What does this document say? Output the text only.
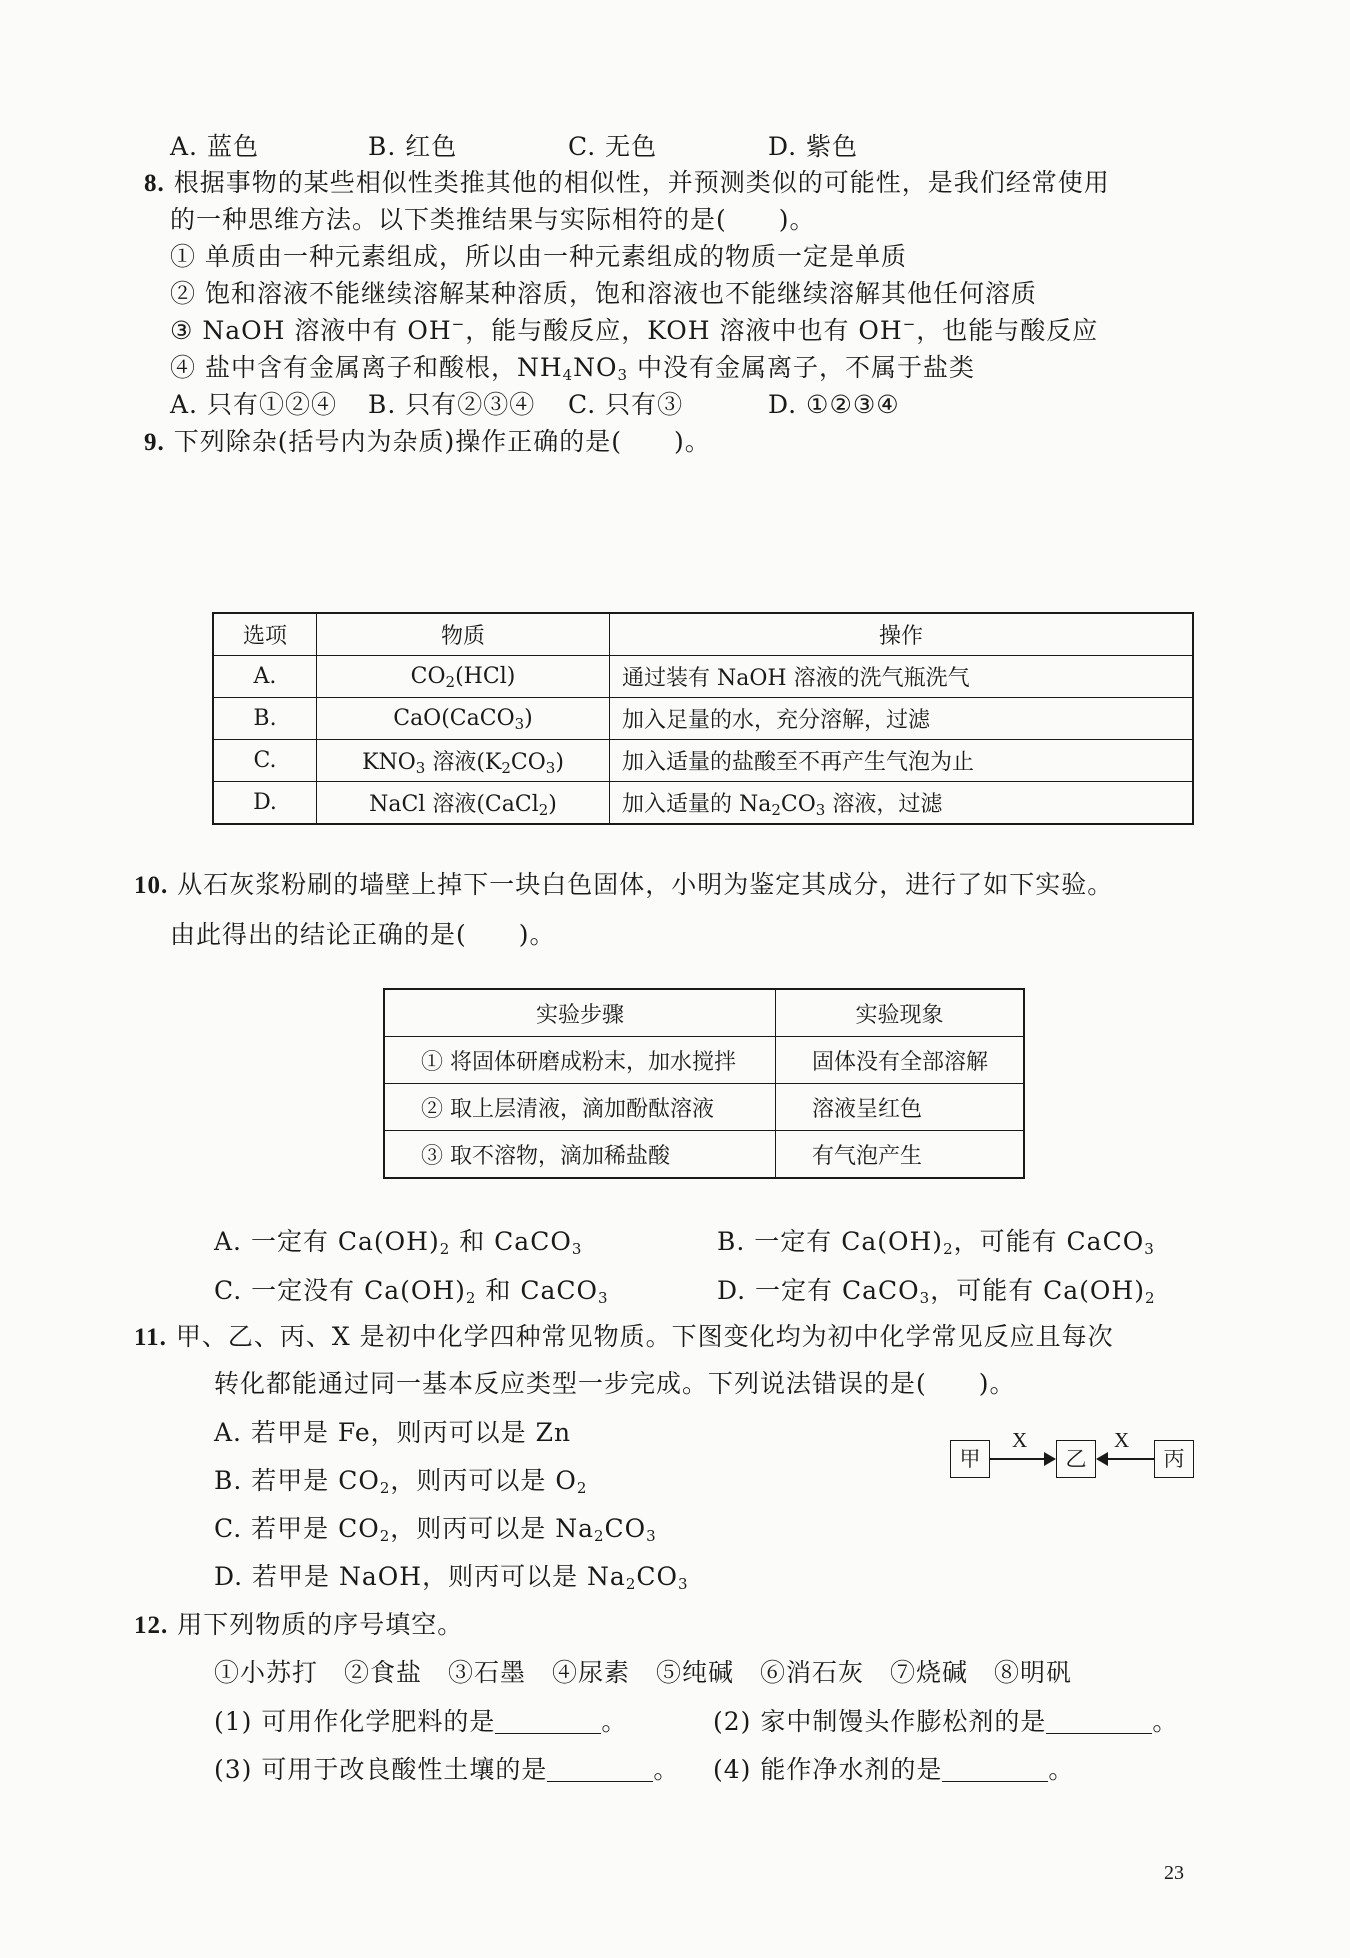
A. 蓝色	B. 红色	C. 无色	D. 紫色
8. 根据事物的某些相似性类推其他的相似性，并预测类似的可能性，是我们经常使用
的一种思维方法。以下类推结果与实际相符的是(　　)。
① 单质由一种元素组成，所以由一种元素组成的物质一定是单质
② 饱和溶液不能继续溶解某种溶质，饱和溶液也不能继续溶解其他任何溶质
③ NaOH 溶液中有 OH−，能与酸反应，KOH 溶液中也有 OH−，也能与酸反应
④ 盐中含有金属离子和酸根，$NH_4NO_3$ 中没有金属离子，不属于盐类
A. 只有①②④ B. 只有②③④ C. 只有③	D. ①②③④
9. 下列除杂(括号内为杂质)操作正确的是(　　)。
选项	物质	操作
A.	$CO_2(HCl)$	通过装有 NaOH 溶液的洗气瓶洗气
B.	CaO(CaCO$_3$)	加入足量的水，充分溶解，过滤
C.	$KNO_3$ 溶液$(K_2CO_3)$	加入适量的盐酸至不再产生气泡为止
D.	NaCl 溶液(CaCl$_2$)	加入适量的 $Na_2CO_3$ 溶液，过滤
10. 从石灰浆粉刷的墙壁上掉下一块白色固体，小明为鉴定其成分，进行了如下实验。
由此得出的结论正确的是(　　)。
实验步骤	实验现象
① 将固体研磨成粉末，加水搅拌	固体没有全部溶解
② 取上层清液，滴加酚酞溶液	溶液呈红色
③ 取不溶物，滴加稀盐酸	有气泡产生
A. 一定有 $Ca(OH)_2$ 和 CaCO$_3$	B. 一定有 $Ca(OH)_2$，可能有 CaCO$_3$
C. 一定没有 $Ca(OH)_2$ 和 CaCO$_3$	D. 一定有 CaCO$_3$，可能有 $Ca(OH)_2$
11. 甲、乙、丙、X 是初中化学四种常见物质。下图变化均为初中化学常见反应且每次
转化都能通过同一基本反应类型一步完成。下列说法错误的是(　　)。
A. 若甲是 Fe，则丙可以是 Zn
B. 若甲是 $CO_2$，则丙可以是 $O_2$
C. 若甲是 $CO_2$，则丙可以是 $Na_2CO_3$
D. 若甲是 NaOH，则丙可以是 $Na_2CO_3$
甲
X
乙
X
丙
12. 用下列物质的序号填空。
①小苏打　②食盐　③石墨　④尿素　⑤纯碱　⑥消石灰　⑦烧碱　⑧明矾
(1) 可用作化学肥料的是	。	(2) 家中制馒头作膨松剂的是	。
(3) 可用于改良酸性土壤的是	。 (4) 能作净水剂的是	。
23
